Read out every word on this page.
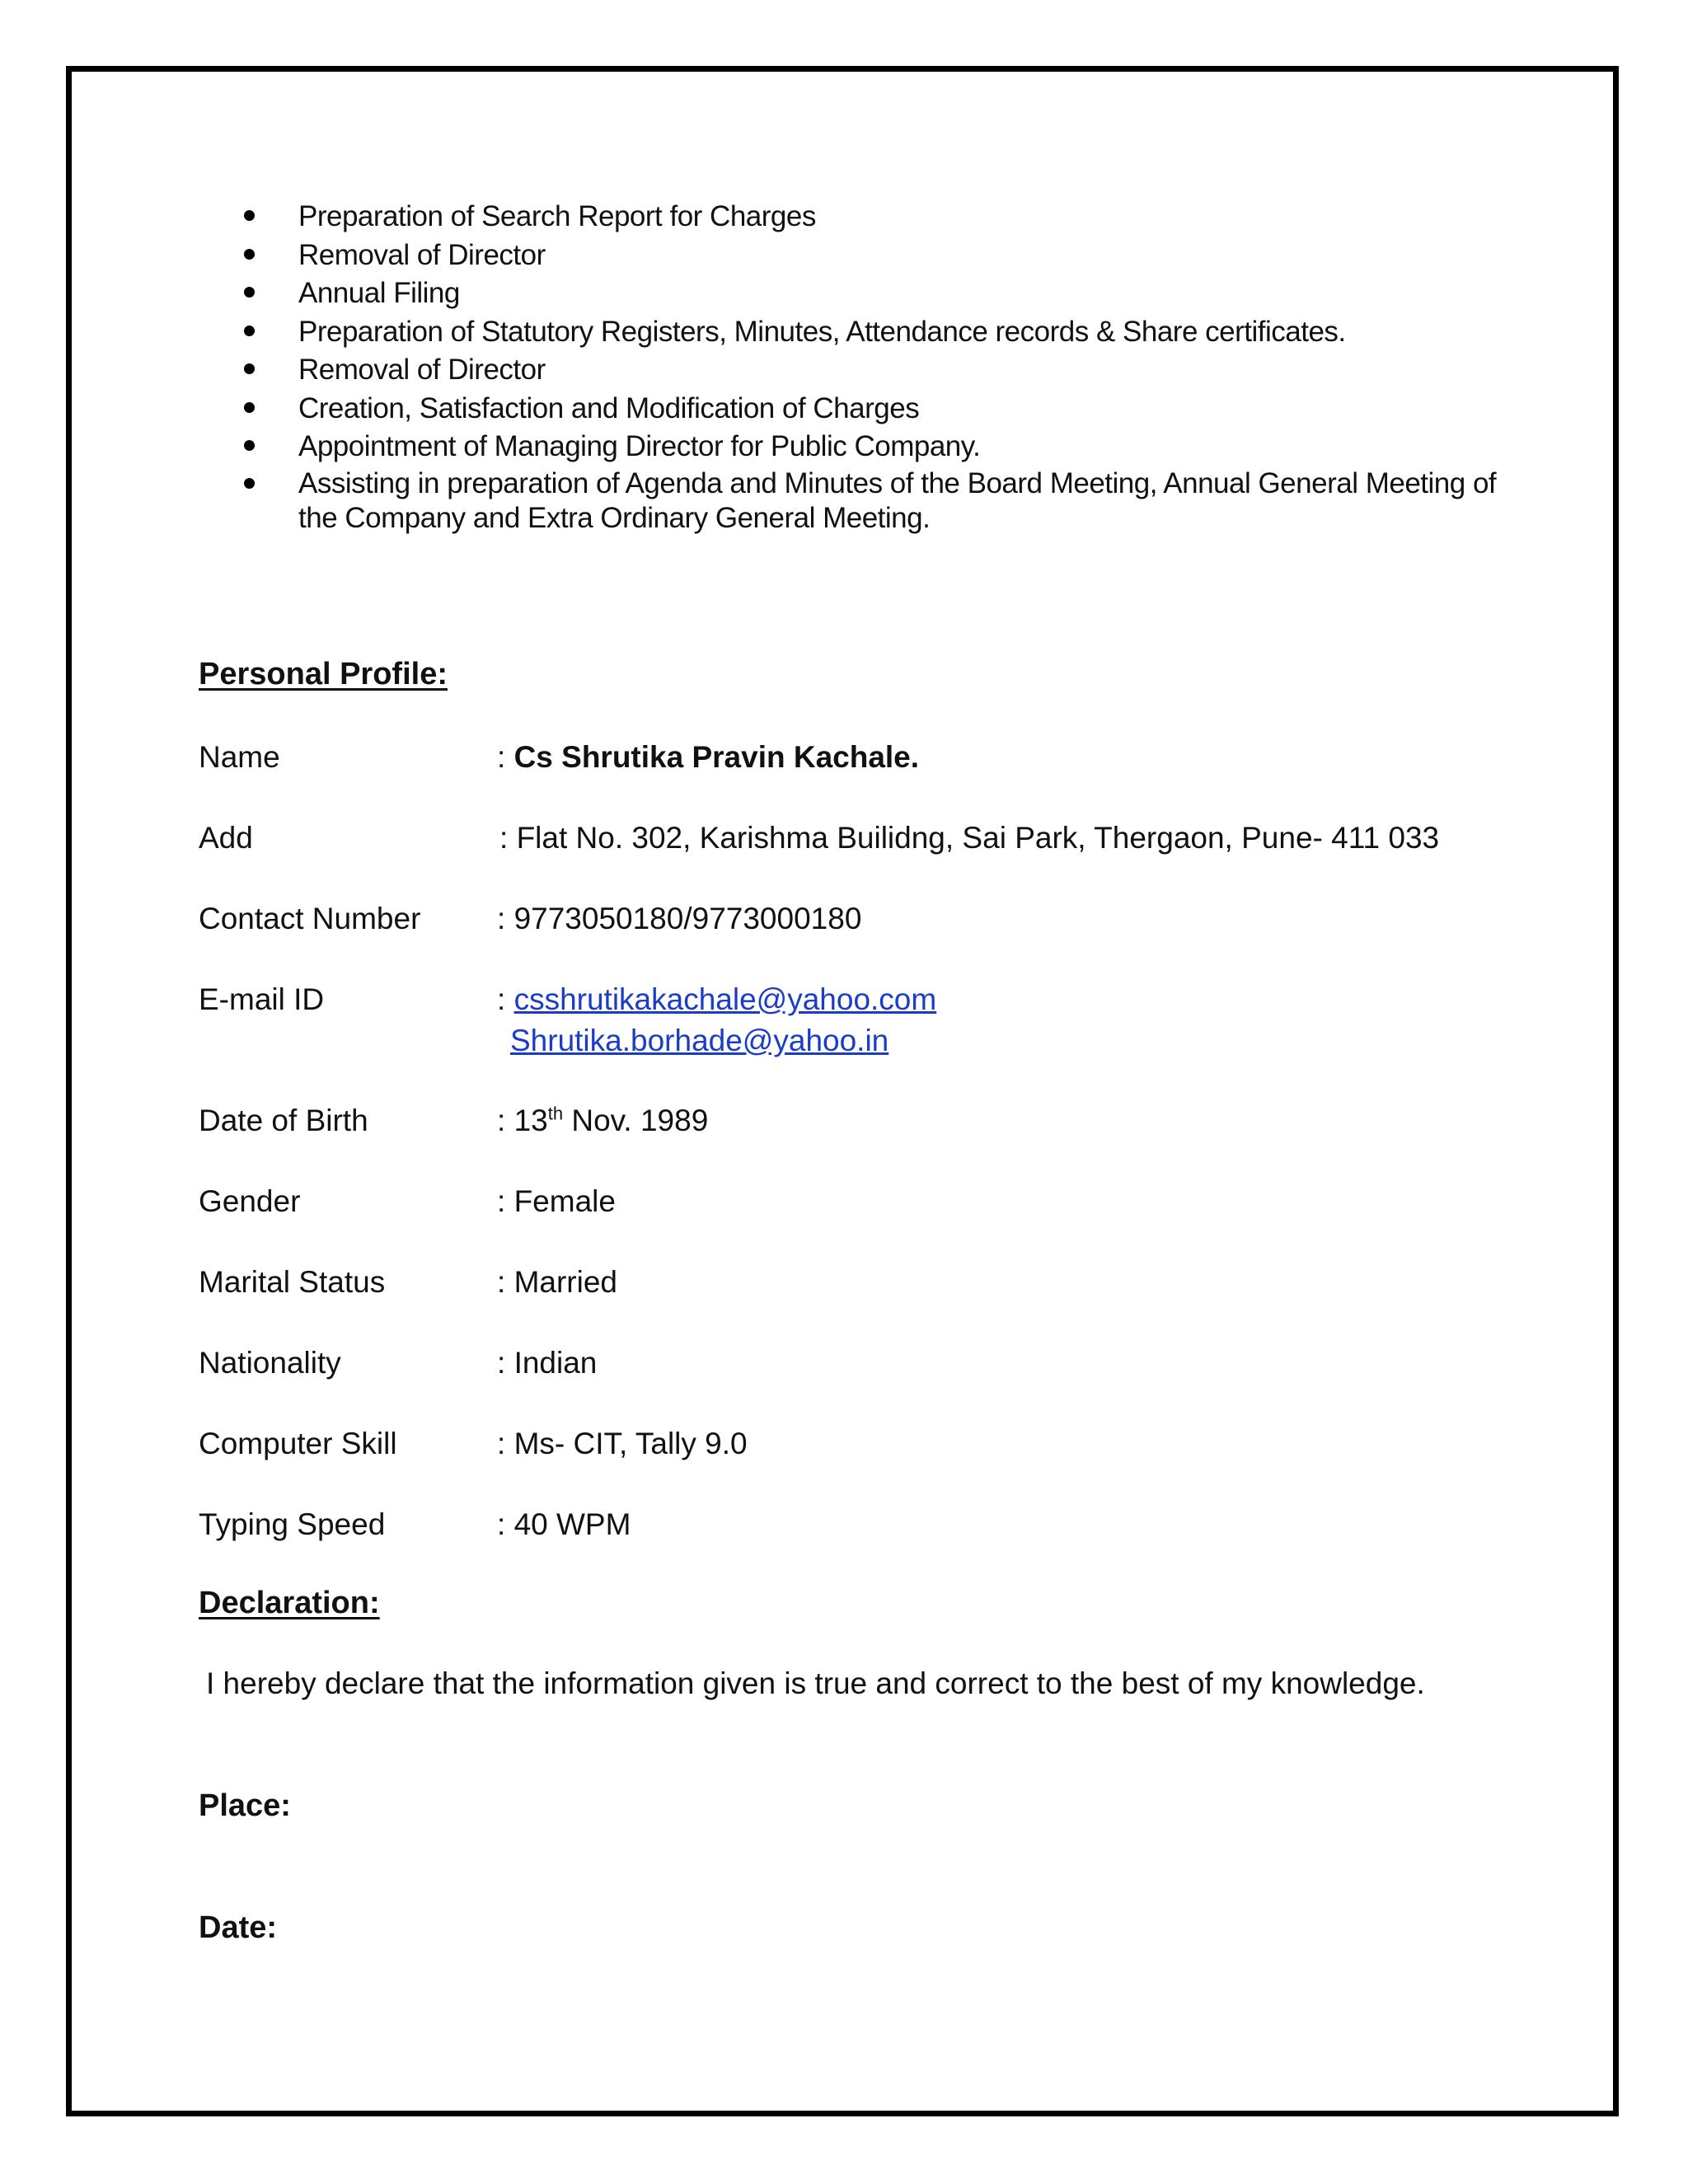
Preparation of Search Report for Charges
Removal of Director
Annual Filing
Preparation of Statutory Registers, Minutes, Attendance records & Share certificates.
Removal of Director
Creation, Satisfaction and Modification of Charges
Appointment of Managing Director for Public Company.
Assisting in preparation of Agenda and Minutes of the Board Meeting, Annual General Meeting of the Company and Extra Ordinary General Meeting.
Personal Profile:
Name	: Cs Shrutika Pravin Kachale.
Add	: Flat No. 302, Karishma Builidng, Sai Park, Thergaon, Pune- 411 033
Contact Number	: 9773050180/9773000180
E-mail ID	: csshrutikakachale@yahoo.com
Shrutika.borhade@yahoo.in
Date of Birth	: 13th Nov. 1989
Gender	: Female
Marital Status	: Married
Nationality	: Indian
Computer Skill	: Ms- CIT, Tally 9.0
Typing Speed	: 40 WPM
Declaration:
I hereby declare that the information given is true and correct to the best of my knowledge.
Place:
Date:
